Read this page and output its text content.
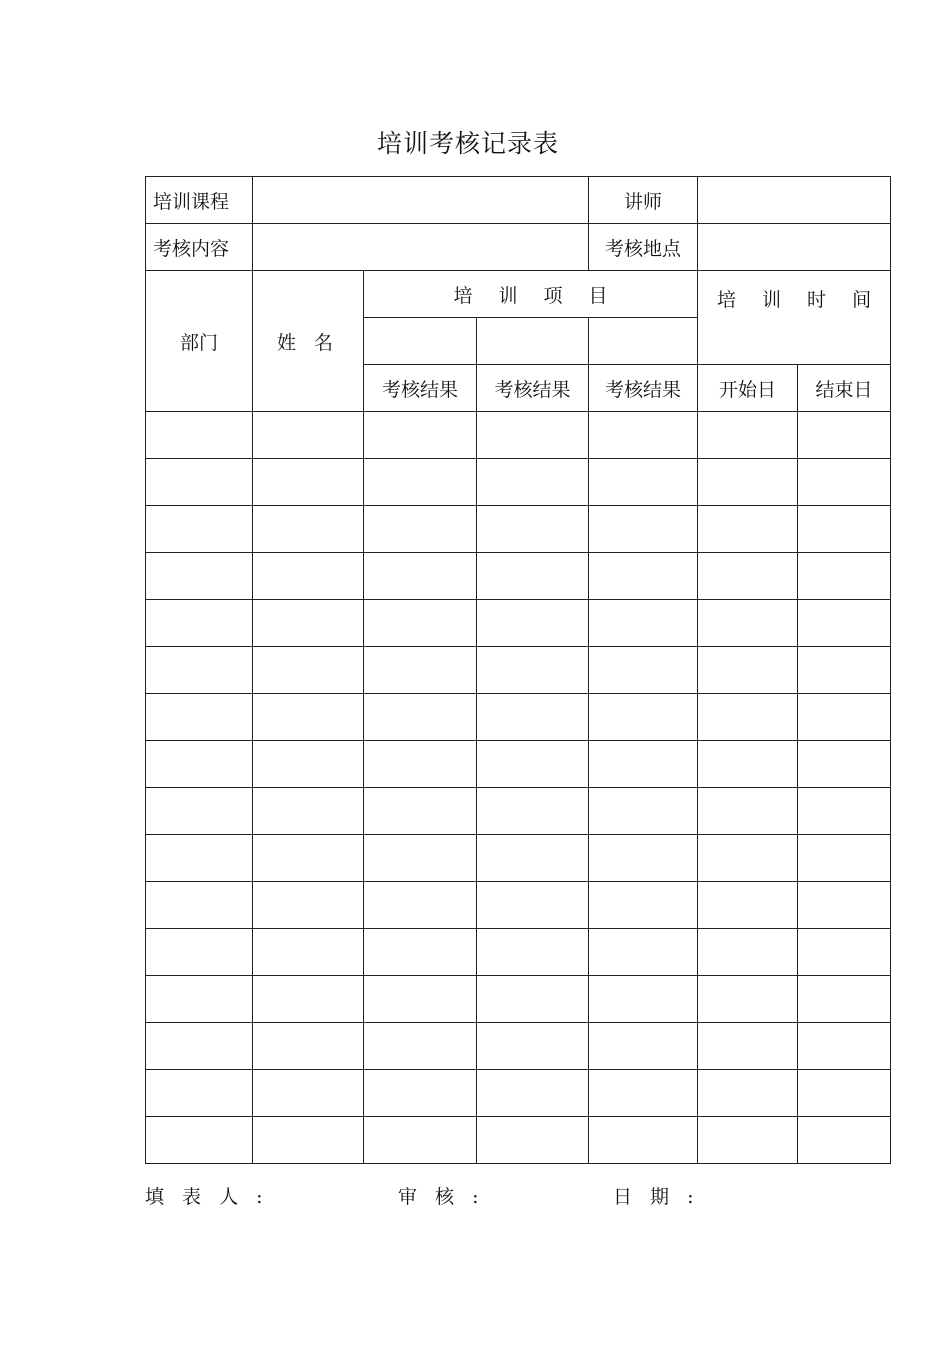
培训考核记录表
培训课程				讲师		
考核内容				考核地点		
部门	姓 名	培 训 项 目			培 训 时 间	

		考核结果	考核结果	考核结果	开始日	结束日

填 表 人 :	审 核 :	日 期 :
